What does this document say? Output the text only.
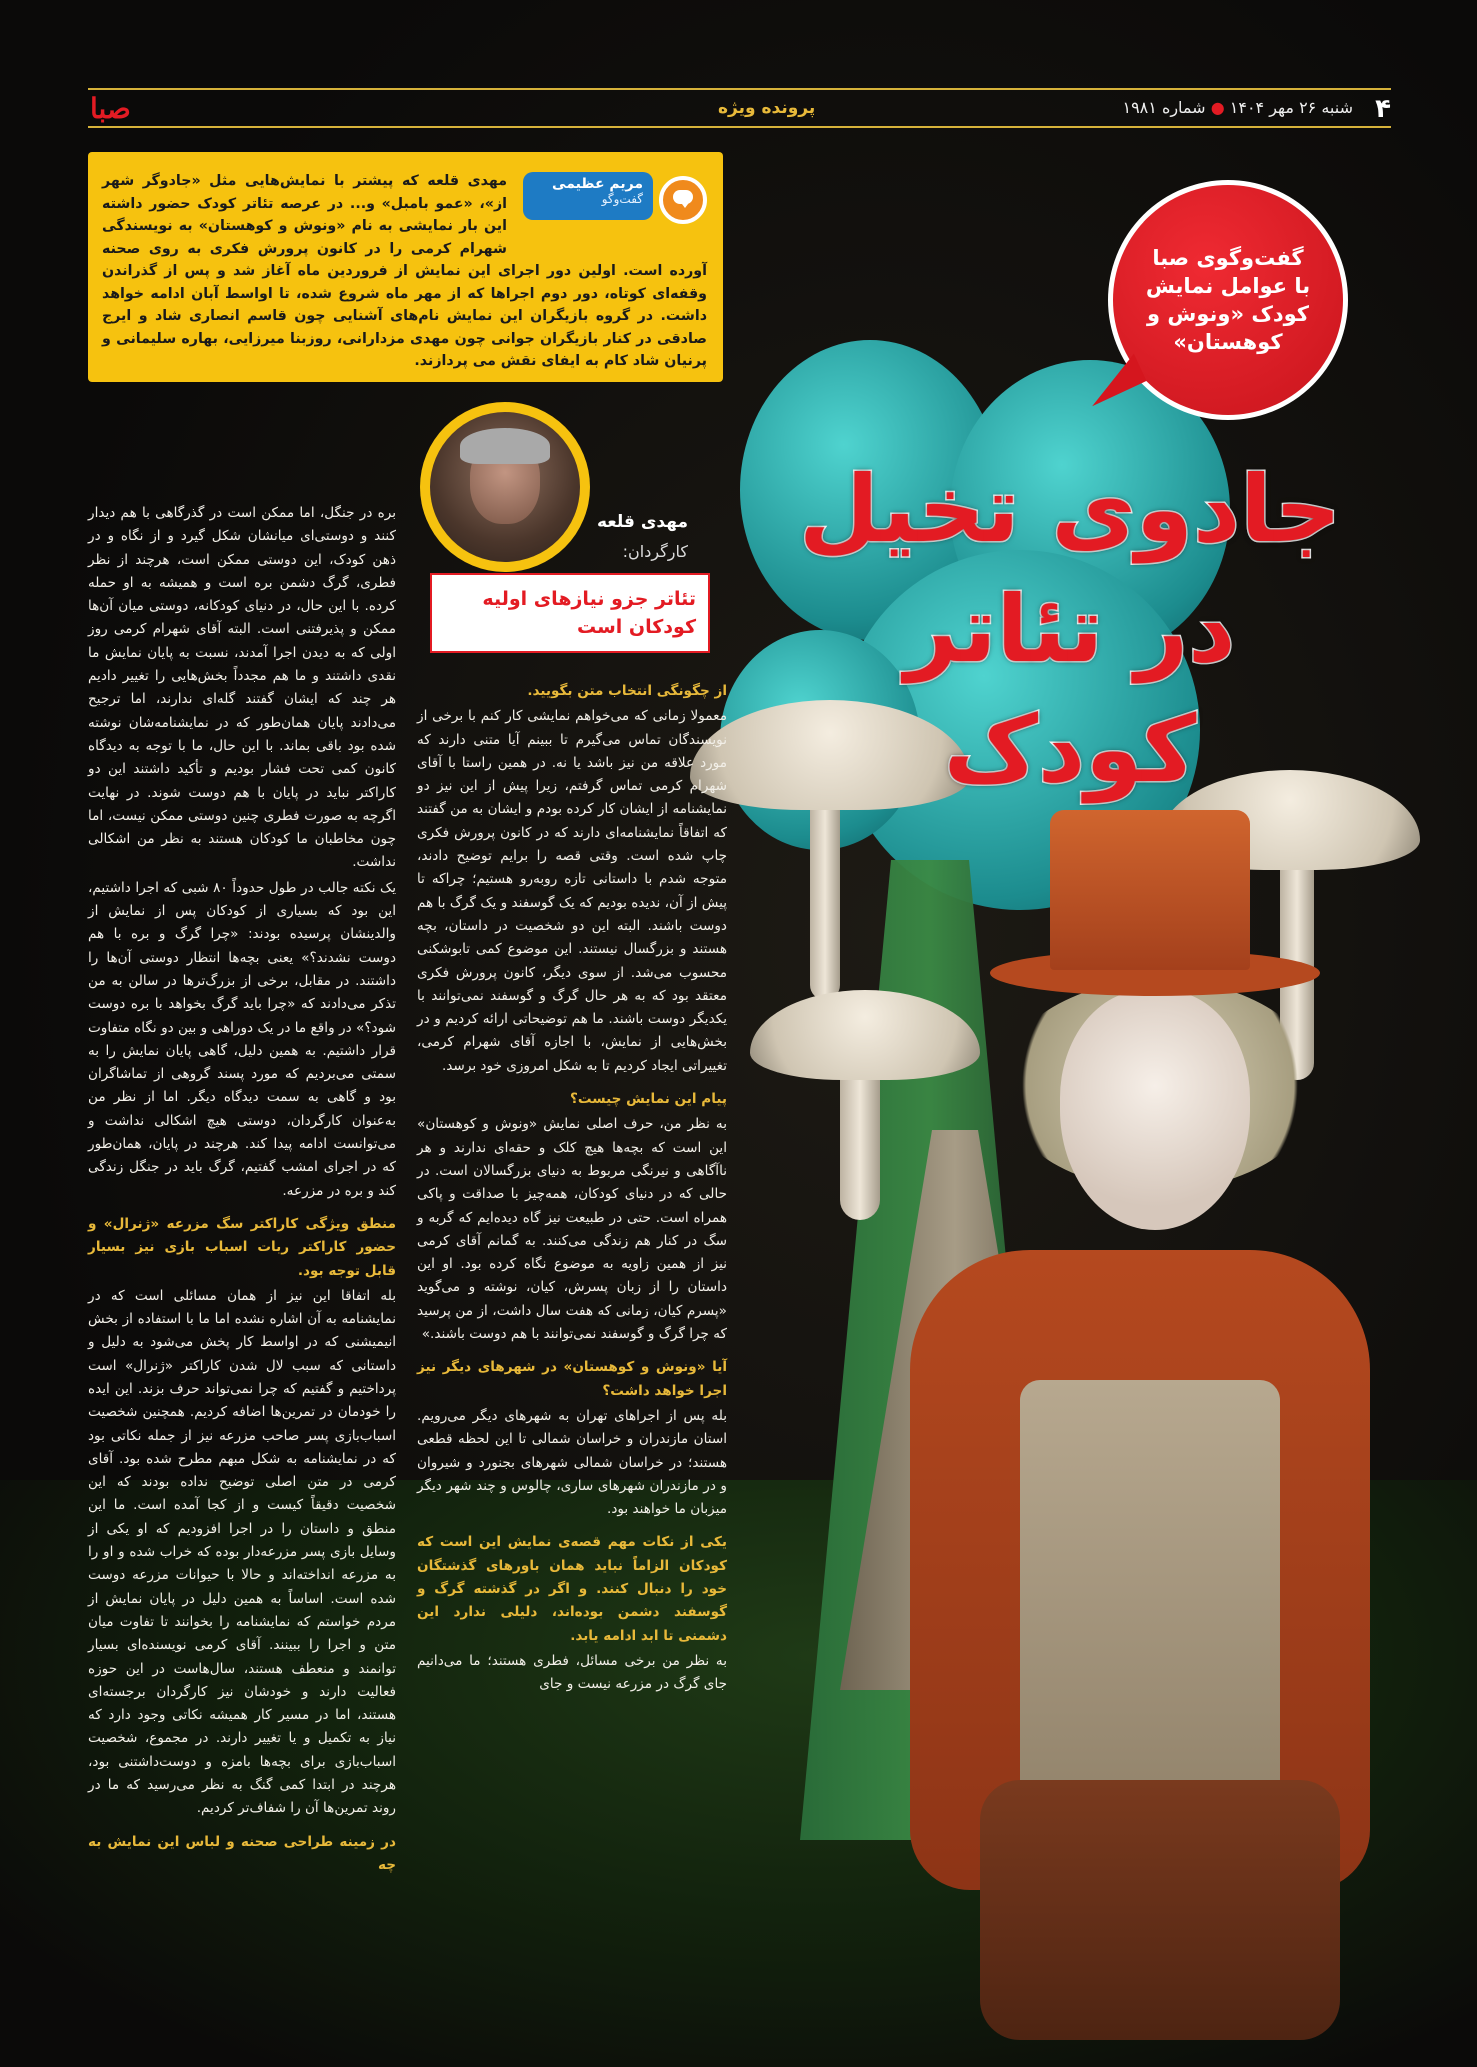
۴
شنبه ۲۶ مهر ۱۴۰۴ ● شماره ۱۹۸۱
پرونده ویژه
صبا
مریم عظیمی
گفت‌وگو

مهدی قلعه که پیشتر با نمایش‌هایی مثل «جادوگر شهر از»، «عمو بامبل» و... در عرصه تئاتر کودک حضور داشته این بار نمایشی به نام «ونوش و کوهستان» به نویسندگی شهرام کرمی را در کانون پرورش فکری به روی صحنه آورده است. اولین دور اجرای این نمایش از فروردین ماه آغاز شد و پس از گذراندن وقفه‌ای کوتاه، دور دوم اجراها که از مهر ماه شروع شده، تا اواسط آبان ادامه خواهد داشت. در گروه بازیگران این نمایش نام‌های آشنایی چون قاسم انصاری شاد و ایرج صادقی در کنار بازیگران جوانی چون مهدی مزدارانی، روزبنا میرزایی، بهاره سلیمانی و پرنیان شاد کام به ایفای نقش می پردازند.

گفت‌وگوی صبا با عوامل نمایش کودک «ونوش و کوهستان»
جادوی تخیل
در تئاتر کودک
مهدی قلعه
کارگردان:

تئاتر جزو نیازهای اولیه کودکان است

از چگونگی انتخاب متن بگویید.

معمولا زمانی که می‌خواهم نمایشی کار کنم با برخی از نویسندگان تماس می‌گیرم تا ببینم آیا متنی دارند که مورد علاقه من نیز باشد یا نه. در همین راستا با آقای شهرام کرمی تماس گرفتم، زیرا پیش از این نیز دو نمایشنامه از ایشان کار کرده بودم و ایشان به من گفتند که اتفاقاً نمایشنامه‌ای دارند که در کانون پرورش فکری چاپ شده است. وقتی قصه را برایم توضیح دادند، متوجه شدم با داستانی تازه روبه‌رو هستیم؛ چراکه تا پیش از آن، ندیده بودیم که یک گوسفند و یک گرگ با هم دوست باشند. البته این دو شخصیت در داستان، بچه هستند و بزرگسال نیستند. این موضوع کمی تابوشکنی محسوب می‌شد. از سوی دیگر، کانون پرورش فکری معتقد بود که به هر حال گرگ و گوسفند نمی‌توانند با یکدیگر دوست باشند. ما هم توضیحاتی ارائه کردیم و در بخش‌هایی از نمایش، با اجازه آقای شهرام کرمی، تغییراتی ایجاد کردیم تا به شکل امروزی خود برسد.

پیام این نمایش چیست؟

به نظر من، حرف اصلی نمایش «ونوش و کوهستان» این است که بچه‌ها هیچ کلک و حقه‌ای ندارند و هر نا‌آگاهی و نیرنگی مربوط به دنیای بزرگسالان است. در حالی که در دنیای کودکان، همه‌چیز با صداقت و پاکی همراه است. حتی در طبیعت نیز گاه دیده‌ایم که گربه و سگ در کنار هم زندگی می‌کنند. به گمانم آقای کرمی نیز از همین زاویه به موضوع نگاه کرده بود. او این داستان را از زبان پسرش، کیان، نوشته و می‌گوید «پسرم کیان، زمانی که هفت سال داشت، از من پرسید که چرا گرگ و گوسفند نمی‌توانند با هم دوست باشند.»

آیا «ونوش و کوهستان» در شهرهای دیگر نیز اجرا خواهد داشت؟

بله پس از اجراهای تهران به شهرهای دیگر می‌رویم. استان مازندران و خراسان شمالی تا این لحظه قطعی هستند؛ در خراسان شمالی شهرهای بجنورد و شیروان و در مازندران شهرهای ساری، چالوس و چند شهر دیگر میزبان ما خواهند بود.

یکی از نکات مهم قصه‌ی نمایش این است که کودکان الزاماً نباید همان باورهای گذشتگان خود را دنبال کنند. و اگر در گذشته گرگ و گوسفند دشمن بوده‌اند، دلیلی ندارد این دشمنی تا ابد ادامه یابد.

به نظر من برخی مسائل، فطری هستند؛ ما می‌دانیم جای گرگ در مزرعه نیست و جای

بره در جنگل، اما ممکن است در گذرگاهی با هم دیدار کنند و دوستی‌ای میانشان شکل گیرد و از نگاه و در ذهن کودک، این دوستی ممکن است، هرچند از نظر فطری، گرگ دشمن بره است و همیشه به او حمله کرده. با این حال، در دنیای کودکانه، دوستی میان آن‌ها ممکن و پذیرفتنی است. البته آقای شهرام کرمی روز اولی که به دیدن اجرا آمدند، نسبت به پایان نمایش ما نقدی داشتند و ما هم مجدداً بخش‌هایی را تغییر دادیم هر چند که ایشان گفتند گله‌ای ندارند، اما ترجیح می‌دادند پایان همان‌طور که در نمایشنامه‌شان نوشته شده بود باقی بماند. با این حال، ما با توجه به دیدگاه کانون کمی تحت فشار بودیم و تأکید داشتند این دو کاراکتر نباید در پایان با هم دوست شوند. در نهایت اگرچه به صورت فطری چنین دوستی ممکن نیست، اما چون مخاطبان ما کودکان هستند به نظر من اشکالی نداشت.

یک نکته جالب در طول حدوداً ۸۰ شبی که اجرا داشتیم، این بود که بسیاری از کودکان پس از نمایش از والدینشان پرسیده بودند: «چرا گرگ و بره با هم دوست نشدند؟» یعنی بچه‌ها انتظار دوستی آن‌ها را داشتند. در مقابل، برخی از بزرگ‌ترها در سالن به من تذکر می‌دادند که «چرا باید گرگ بخواهد با بره دوست شود؟» در واقع ما در یک دوراهی و بین دو نگاه متفاوت قرار داشتیم. به همین دلیل، گاهی پایان نمایش را به سمتی می‌بردیم که مورد پسند گروهی از تماشاگران بود و گاهی به سمت دیدگاه دیگر. اما از نظر من به‌عنوان کارگردان، دوستی هیچ اشکالی نداشت و می‌توانست ادامه پیدا کند. هرچند در پایان، همان‌طور که در اجرای امشب گفتیم، گرگ باید در جنگل زندگی کند و بره در مزرعه.

منطق ویژگی کاراکتر سگ مزرعه «ژنرال» و حضور کاراکتر ربات اسباب بازی نیز بسیار قابل توجه بود.

بله اتفاقا این نیز از همان مسائلی است که در نمایشنامه به آن اشاره نشده اما ما با استفاده از بخش انیمیشنی که در اواسط کار پخش می‌شود به دلیل و داستانی که سبب لال شدن کاراکتر «ژنرال» است پرداختیم و گفتیم که چرا نمی‌تواند حرف بزند. این ایده را خودمان در تمرین‌ها اضافه کردیم. همچنین شخصیت اسباب‌بازی پسر صاحب مزرعه نیز از جمله نکاتی بود که در نمایشنامه به شکل مبهم مطرح شده بود. آقای کرمی در متن اصلی توضیح نداده بودند که این شخصیت دقیقاً کیست و از کجا آمده است. ما این منطق و داستان را در اجرا افزودیم که او یکی از وسایل بازی پسر مزرعه‌دار بوده که خراب شده و او را به مزرعه انداخته‌اند و حالا با حیوانات مزرعه دوست شده است. اساساً به همین دلیل در پایان نمایش از مردم خواستم که نمایشنامه را بخوانند تا تفاوت میان متن و اجرا را ببینند. آقای کرمی نویسنده‌ای بسیار توانمند و منعطف هستند، سال‌هاست در این حوزه فعالیت دارند و خودشان نیز کارگردان برجسته‌ای هستند، اما در مسیر کار همیشه نکاتی وجود دارد که نیاز به تکمیل و یا تغییر دارند. در مجموع، شخصیت اسباب‌بازی برای بچه‌ها بامزه و دوست‌داشتنی بود، هرچند در ابتدا کمی گنگ به نظر می‌رسید که ما در روند تمرین‌ها آن را شفاف‌تر کردیم.

در زمینه طراحی صحنه و لباس این نمایش به چه
